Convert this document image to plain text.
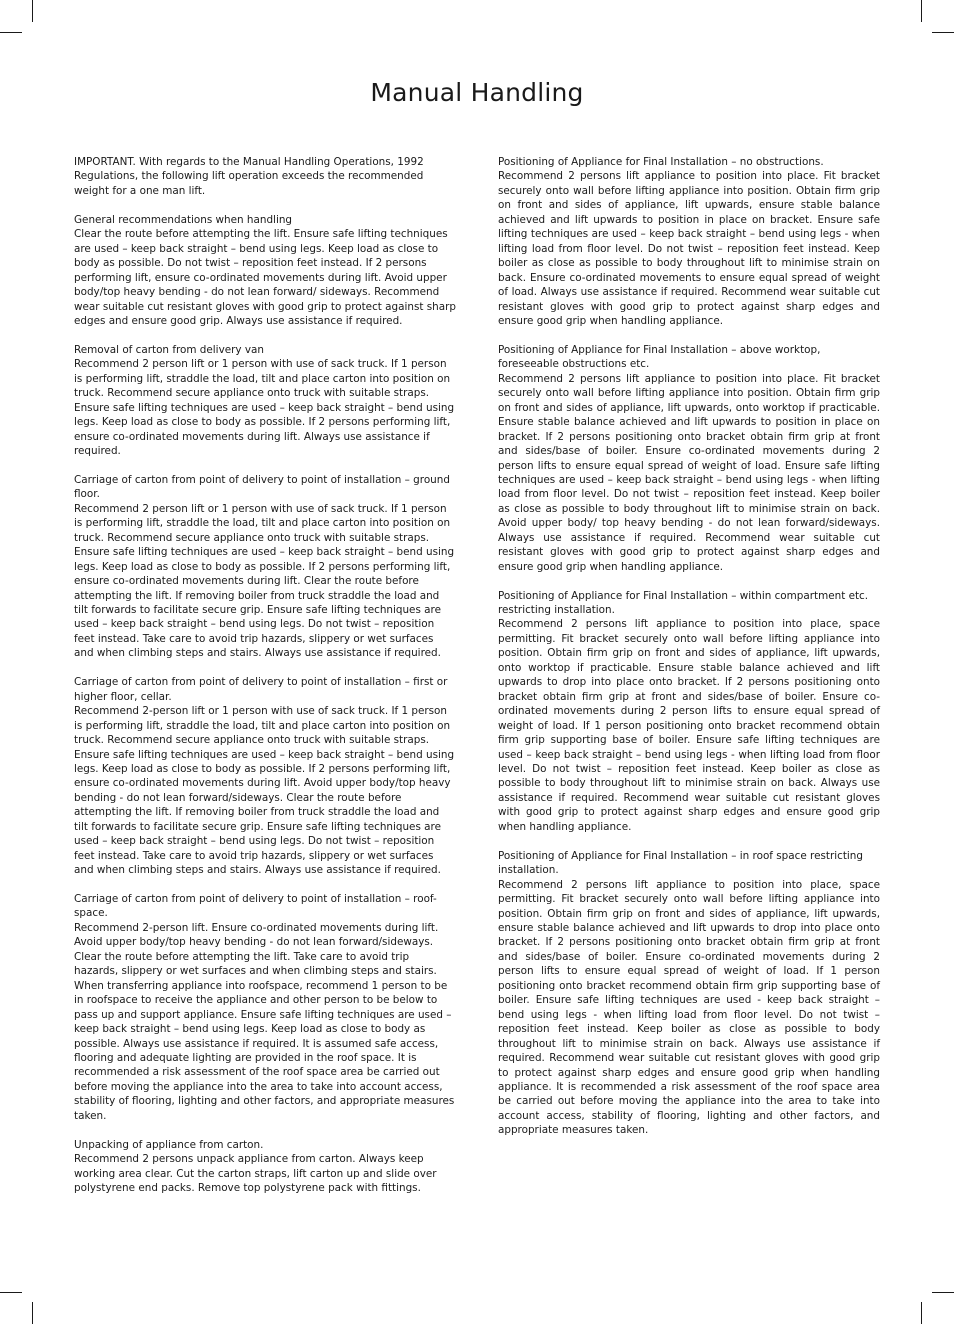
Manual Handling
IMPORTANT. With regards to the Manual Handling Operations, 1992 Regulations, the following lift operation exceeds the recommended weight for a one man lift.
General recommendations when handling
Clear the route before attempting the lift. Ensure safe lifting techniques are used – keep back straight – bend using legs. Keep load as close to body as possible. Do not twist – reposition feet instead. If 2 persons performing lift, ensure co-ordinated movements during lift. Avoid upper body/top heavy bending - do not lean forward/ sideways. Recommend wear suitable cut resistant gloves with good grip to protect against sharp edges and ensure good grip. Always use assistance if required.
Removal of carton from delivery van
Recommend 2 person lift or 1 person with use of sack truck. If 1 person is performing lift, straddle the load, tilt and place carton into position on truck. Recommend secure appliance onto truck with suitable straps. Ensure safe lifting techniques are used – keep back straight – bend using legs. Keep load as close to body as possible. If 2 persons performing lift, ensure co-ordinated movements during lift. Always use assistance if required.
Carriage of carton from point of delivery to point of installation – ground floor.
Recommend 2 person lift or 1 person with use of sack truck. If 1 person is performing lift, straddle the load, tilt and place carton into position on truck. Recommend secure appliance onto truck with suitable straps. Ensure safe lifting techniques are used – keep back straight – bend using legs. Keep load as close to body as possible. If 2 persons performing lift, ensure co-ordinated movements during lift. Clear the route before attempting the lift. If removing boiler from truck straddle the load and tilt forwards to facilitate secure grip. Ensure safe lifting techniques are used – keep back straight – bend using legs. Do not twist – reposition feet instead. Take care to avoid trip hazards, slippery or wet surfaces and when climbing steps and stairs. Always use assistance if required.
Carriage of carton from point of delivery to point of installation – first or higher floor, cellar.
Recommend 2-person lift or 1 person with use of sack truck. If 1 person is performing lift, straddle the load, tilt and place carton into position on truck. Recommend secure appliance onto truck with suitable straps. Ensure safe lifting techniques are used – keep back straight – bend using legs. Keep load as close to body as possible. If 2 persons performing lift, ensure co-ordinated movements during lift. Avoid upper body/top heavy bending - do not lean forward/sideways. Clear the route before attempting the lift. If removing boiler from truck straddle the load and tilt forwards to facilitate secure grip. Ensure safe lifting techniques are used – keep back straight – bend using legs. Do not twist – reposition feet instead. Take care to avoid trip hazards, slippery or wet surfaces and when climbing steps and stairs. Always use assistance if required.
Carriage of carton from point of delivery to point of installation – roof-space.
Recommend 2-person lift. Ensure co-ordinated movements during lift. Avoid upper body/top heavy bending - do not lean forward/sideways. Clear the route before attempting the lift. Take care to avoid trip hazards, slippery or wet surfaces and when climbing steps and stairs. When transferring appliance into roofspace, recommend 1 person to be in roofspace to receive the appliance and other person to be below to pass up and support appliance. Ensure safe lifting techniques are used – keep back straight – bend using legs. Keep load as close to body as possible. Always use assistance if required. It is assumed safe access, flooring and adequate lighting are provided in the roof space. It is recommended a risk assessment of the roof space area be carried out before moving the appliance into the area to take into account access, stability of flooring, lighting and other factors, and appropriate measures taken.
Unpacking of appliance from carton.
Recommend 2 persons unpack appliance from carton. Always keep working area clear. Cut the carton straps, lift carton up and slide over polystyrene end packs. Remove top polystyrene pack with fittings.
Positioning of Appliance for Final Installation – no obstructions.
Recommend 2 persons lift appliance to position into place. Fit bracket securely onto wall before lifting appliance into position. Obtain firm grip on front and sides of appliance, lift upwards, ensure stable balance achieved and lift upwards to position in place on bracket. Ensure safe lifting techniques are used – keep back straight – bend using legs - when lifting load from floor level. Do not twist – reposition feet instead. Keep boiler as close as possible to body throughout lift to minimise strain on back. Ensure co-ordinated movements to ensure equal spread of weight of load. Always use assistance if required. Recommend wear suitable cut resistant gloves with good grip to protect against sharp edges and ensure good grip when handling appliance.
Positioning of Appliance for Final Installation – above worktop, foreseeable obstructions etc.
Recommend 2 persons lift appliance to position into place. Fit bracket securely onto wall before lifting appliance into position. Obtain firm grip on front and sides of appliance, lift upwards, onto worktop if practicable. Ensure stable balance achieved and lift upwards to position in place on bracket. If 2 persons positioning onto bracket obtain firm grip at front and sides/base of boiler. Ensure co-ordinated movements during 2 person lifts to ensure equal spread of weight of load. Ensure safe lifting techniques are used – keep back straight – bend using legs - when lifting load from floor level. Do not twist – reposition feet instead. Keep boiler as close as possible to body throughout lift to minimise strain on back. Avoid upper body/ top heavy bending - do not lean forward/sideways. Always use assistance if required. Recommend wear suitable cut resistant gloves with good grip to protect against sharp edges and ensure good grip when handling appliance.
Positioning of Appliance for Final Installation – within compartment etc. restricting installation.
Recommend 2 persons lift appliance to position into place, space permitting. Fit bracket securely onto wall before lifting appliance into position. Obtain firm grip on front and sides of appliance, lift upwards, onto worktop if practicable. Ensure stable balance achieved and lift upwards to drop into place onto bracket. If 2 persons positioning onto bracket obtain firm grip at front and sides/base of boiler. Ensure co-ordinated movements during 2 person lifts to ensure equal spread of weight of load. If 1 person positioning onto bracket recommend obtain firm grip supporting base of boiler. Ensure safe lifting techniques are used – keep back straight – bend using legs - when lifting load from floor level. Do not twist – reposition feet instead. Keep boiler as close as possible to body throughout lift to minimise strain on back. Always use assistance if required. Recommend wear suitable cut resistant gloves with good grip to protect against sharp edges and ensure good grip when handling appliance.
Positioning of Appliance for Final Installation – in roof space restricting installation.
Recommend 2 persons lift appliance to position into place, space permitting. Fit bracket securely onto wall before lifting appliance into position. Obtain firm grip on front and sides of appliance, lift upwards, ensure stable balance achieved and lift upwards to drop into place onto bracket. If 2 persons positioning onto bracket obtain firm grip at front and sides/base of boiler. Ensure co-ordinated movements during 2 person lifts to ensure equal spread of weight of load. If 1 person positioning onto bracket recommend obtain firm grip supporting base of boiler. Ensure safe lifting techniques are used - keep back straight – bend using legs - when lifting load from floor level. Do not twist – reposition feet instead. Keep boiler as close as possible to body throughout lift to minimise strain on back. Always use assistance if required. Recommend wear suitable cut resistant gloves with good grip to protect against sharp edges and ensure good grip when handling appliance. It is recommended a risk assessment of the roof space area be carried out before moving the appliance into the area to take into account access, stability of flooring, lighting and other factors, and appropriate measures taken.
